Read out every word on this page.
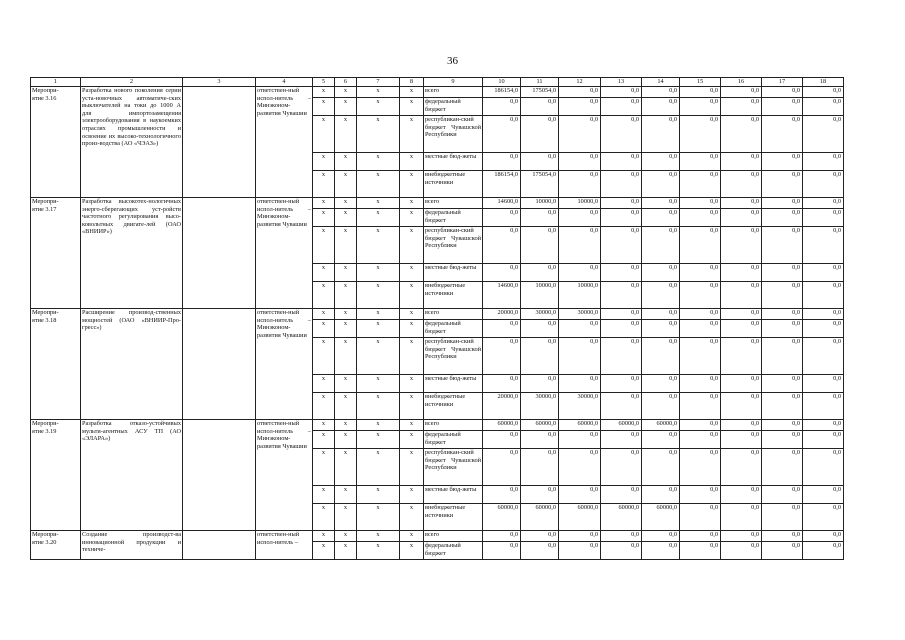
36
1	2	3	4	5	6	7	8	9	10	11	12	13	14	15	16	17	18
Меропри-
ятие 3.16	Разработка нового поколения серии уста-новочных автоматиче-ских выключателей на токи до 1000 А для импортозамещения электрооборудования в наукоемких отраслях промышленности и освоение их высоко-технологичного произ-водства (АО «ЧЭАЗ»)		ответствен-ный испол-нитель – Минэконом-развития Чувашии	x	x	x	x	всего	186154,0	175054,0	0,0	0,0	0,0	0,0	0,0	0,0	0,0
				x	x	x	x	федеральный бюджет	0,0	0,0	0,0	0,0	0,0	0,0	0,0	0,0	0,0
				x	x	x	x	республикан-ский бюджет Чувашской Республики	0,0	0,0	0,0	0,0	0,0	0,0	0,0	0,0	0,0
				x	x	x	x	местные бюд-жеты	0,0	0,0	0,0	0,0	0,0	0,0	0,0	0,0	0,0
				x	x	x	x	внебюджетные источники	186154,0	175054,0	0,0	0,0	0,0	0,0	0,0	0,0	0,0
Меропри-
ятие 3.17	Разработка высокотех-нологичных энерго-сберегающих уст-ройств частотного регулирования высо-ковольтных двигате-лей (ОАО «ВНИИР»)		ответствен-ный испол-нитель – Минэконом-развития Чувашии	x	x	x	x	всего	14600,0	10000,0	10000,0	0,0	0,0	0,0	0,0	0,0	0,0
				x	x	x	x	федеральный бюджет	0,0	0,0	0,0	0,0	0,0	0,0	0,0	0,0	0,0
				x	x	x	x	республикан-ский бюджет Чувашской Республики	0,0	0,0	0,0	0,0	0,0	0,0	0,0	0,0	0,0
				x	x	x	x	местные бюд-жеты	0,0	0,0	0,0	0,0	0,0	0,0	0,0	0,0	0,0
				x	x	x	x	внебюджетные источники	14600,0	10000,0	10000,0	0,0	0,0	0,0	0,0	0,0	0,0
Меропри-
ятие 3.18	Расширение производ-ственных мощностей (ОАО «ВНИИР-Про-гресс»)		ответствен-ный испол-нитель – Минэконом-развития Чувашии	x	x	x	x	всего	20000,0	30000,0	30000,0	0,0	0,0	0,0	0,0	0,0	0,0
				x	x	x	x	федеральный бюджет	0,0	0,0	0,0	0,0	0,0	0,0	0,0	0,0	0,0
				x	x	x	x	республикан-ский бюджет Чувашской Республики	0,0	0,0	0,0	0,0	0,0	0,0	0,0	0,0	0,0
				x	x	x	x	местные бюд-жеты	0,0	0,0	0,0	0,0	0,0	0,0	0,0	0,0	0,0
				x	x	x	x	внебюджетные источники	20000,0	30000,0	30000,0	0,0	0,0	0,0	0,0	0,0	0,0
Меропри-
ятие 3.19	Разработка отказо-устойчивых мульти-агентных АСУ ТП (АО «ЭЛАРА»)		ответствен-ный испол-нитель – Минэконом-развития Чувашии	x	x	x	x	всего	60000,0	60000,0	60000,0	60000,0	60000,0	0,0	0,0	0,0	0,0
				x	x	x	x	федеральный бюджет	0,0	0,0	0,0	0,0	0,0	0,0	0,0	0,0	0,0
				x	x	x	x	республикан-ский бюджет Чувашской Республики	0,0	0,0	0,0	0,0	0,0	0,0	0,0	0,0	0,0
				x	x	x	x	местные бюд-жеты	0,0	0,0	0,0	0,0	0,0	0,0	0,0	0,0	0,0
				x	x	x	x	внебюджетные источники	60000,0	60000,0	60000,0	60000,0	60000,0	0,0	0,0	0,0	0,0
Меропри-
ятие 3.20	Создание производст-ва инновационной продукции и техниче-		ответствен-ный испол-нитель –	x	x	x	x	всего	0,0	0,0	0,0	0,0	0,0	0,0	0,0	0,0	0,0
				x	x	x	x	федеральный бюджет	0,0	0,0	0,0	0,0	0,0	0,0	0,0	0,0	0,0
